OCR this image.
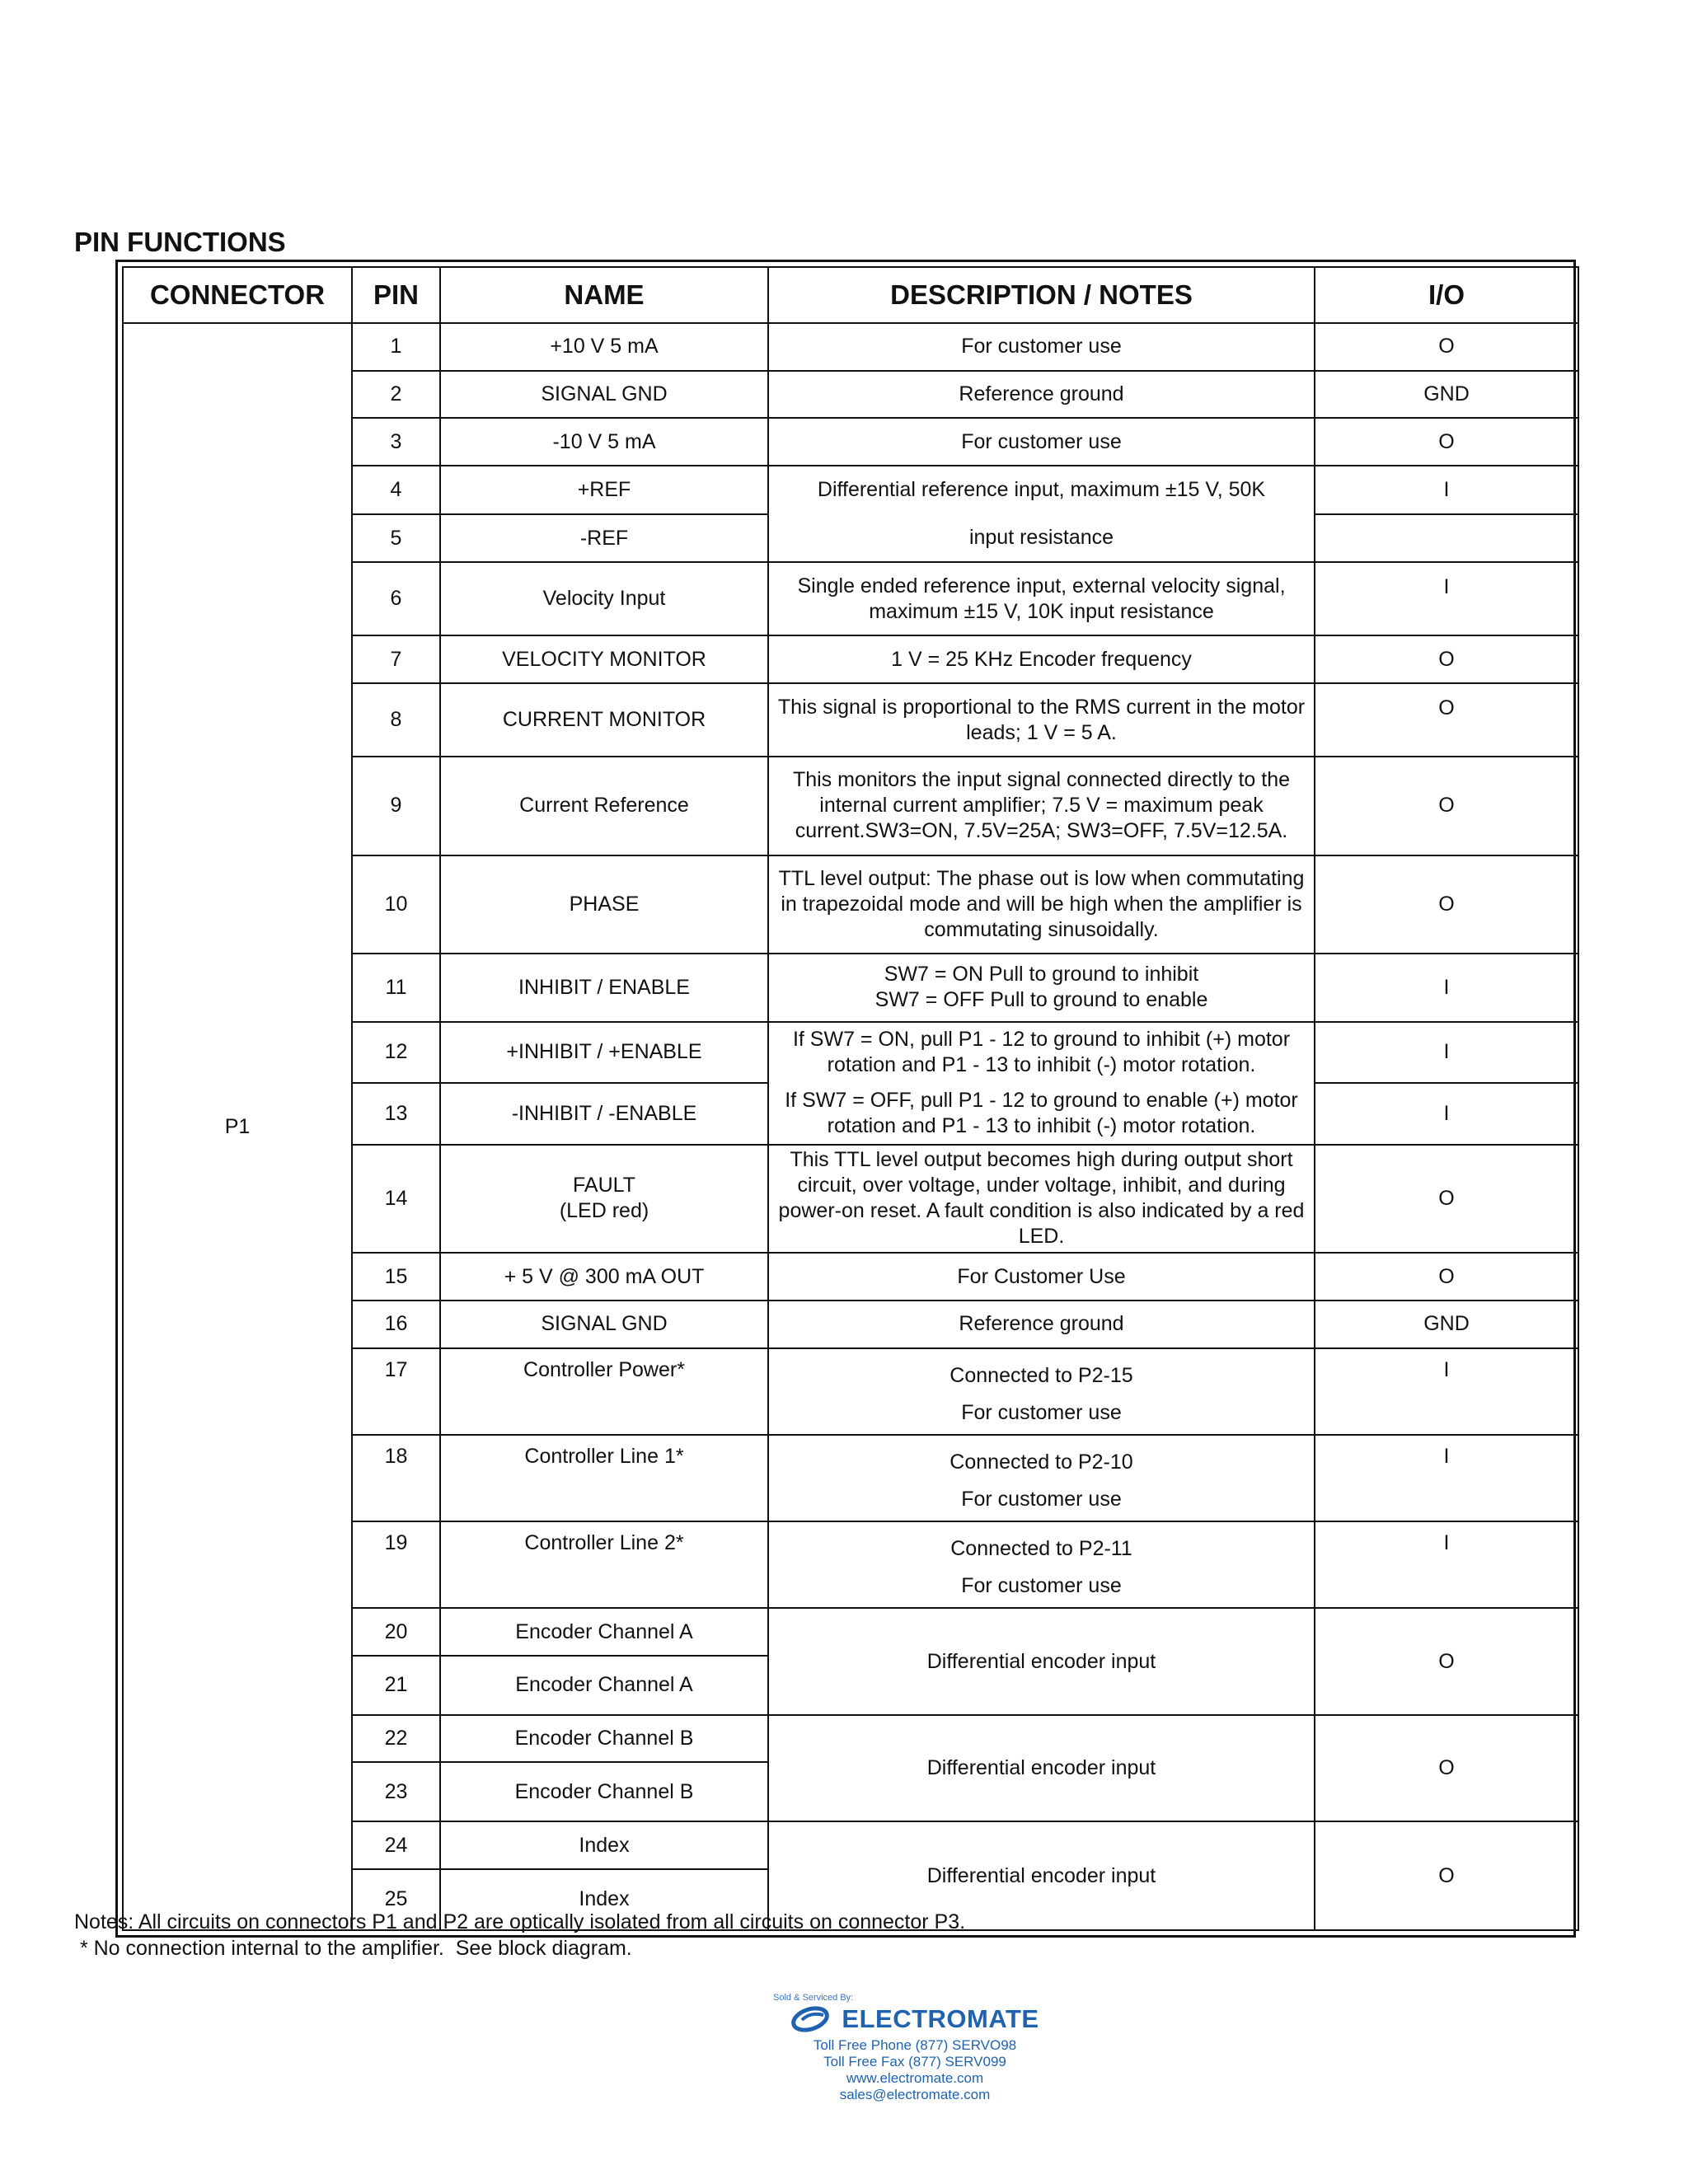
PIN FUNCTIONS
CONNECTOR	PIN	NAME	DESCRIPTION / NOTES	I/O
P1	1	+10 V 5 mA	For customer use	O
	2	SIGNAL GND	Reference ground	GND
	3	-10 V 5 mA	For customer use	O
	4	+REF	Differential reference input, maximum ±15 V, 50K	I
	5	-REF	input resistance	
	6	Velocity Input	Single ended reference input, external velocity signal, maximum ±15 V, 10K input resistance	I
	7	VELOCITY MONITOR	1 V = 25 KHz Encoder frequency	O
	8	CURRENT MONITOR	This signal is proportional to the RMS current in the motor leads; 1 V = 5 A.	O
	9	Current Reference	This monitors the input signal connected directly to the internal current amplifier; 7.5 V = maximum peak current.SW3=ON, 7.5V=25A; SW3=OFF, 7.5V=12.5A.	O
	10	PHASE	TTL level output: The phase out is low when commutating in trapezoidal mode and will be high when the amplifier is commutating sinusoidally.	O
	11	INHIBIT / ENABLE	SW7 = ON Pull to ground to inhibit
SW7 = OFF Pull to ground to enable	I
	12	+INHIBIT / +ENABLE	If SW7 = ON, pull P1 - 12 to ground to inhibit (+) motor rotation and P1 - 13 to inhibit (-) motor rotation.	I
	13	-INHIBIT / -ENABLE	If SW7 = OFF, pull P1 - 12 to ground to enable (+) motor rotation and P1 - 13 to inhibit (-) motor rotation.	I
	14	FAULT
(LED red)	This TTL level output becomes high during output short circuit, over voltage, under voltage, inhibit, and during power-on reset. A fault condition is also indicated by a red LED.	O
	15	+ 5 V @ 300 mA OUT	For Customer Use	O
	16	SIGNAL GND	Reference ground	GND
	17	Controller Power*	Connected to P2-15
For customer use	I
	18	Controller Line 1*	Connected to P2-10
For customer use	I
	19	Controller Line 2*	Connected to P2-11
For customer use	I
	20	Encoder Channel A	Differential encoder input	O
	21	Encoder Channel A		
	22	Encoder Channel B	Differential encoder input	O
	23	Encoder Channel B		
	24	Index	Differential encoder input	O
	25	Index		

Notes: All circuits on connectors P1 and P2 are optically isolated from all circuits on connector P3.

* No connection internal to the amplifier.  See block diagram.

Sold & Serviced By:
ELECTROMATE
Toll Free Phone (877) SERVO98
Toll Free Fax (877) SERV099
www.electromate.com
sales@electromate.com
